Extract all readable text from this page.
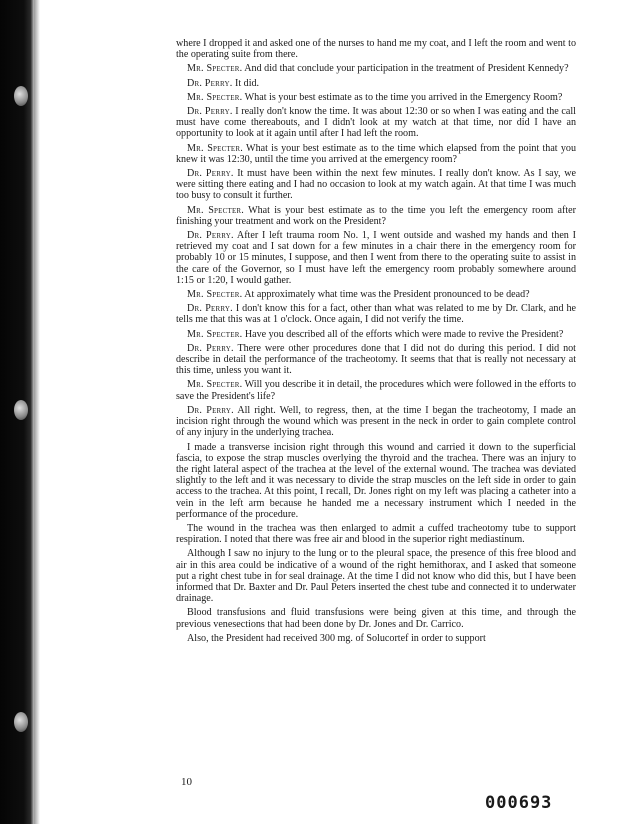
where I dropped it and asked one of the nurses to hand me my coat, and I left the room and went to the operating suite from there.

Mr. Specter. And did that conclude your participation in the treatment of President Kennedy?

Dr. Perry. It did.

Mr. Specter. What is your best estimate as to the time you arrived in the Emergency Room?

Dr. Perry. I really don't know the time. It was about 12:30 or so when I was eating and the call must have come thereabouts, and I didn't look at my watch at that time, nor did I have an opportunity to look at it again until after I had left the room.

Mr. Specter. What is your best estimate as to the time which elapsed from the point that you knew it was 12:30, until the time you arrived at the emergency room?

Dr. Perry. It must have been within the next few minutes. I really don't know. As I say, we were sitting there eating and I had no occasion to look at my watch again. At that time I was much too busy to consult it further.

Mr. Specter. What is your best estimate as to the time you left the emergency room after finishing your treatment and work on the President?

Dr. Perry. After I left trauma room No. 1, I went outside and washed my hands and then I retrieved my coat and I sat down for a few minutes in a chair there in the emergency room for probably 10 or 15 minutes, I suppose, and then I went from there to the operating suite to assist in the care of the Governor, so I must have left the emergency room probably somewhere around 1:15 or 1:20, I would gather.

Mr. Specter. At approximately what time was the President pronounced to be dead?

Dr. Perry. I don't know this for a fact, other than what was related to me by Dr. Clark, and he tells me that this was at 1 o'clock. Once again, I did not verify the time.

Mr. Specter. Have you described all of the efforts which were made to revive the President?

Dr. Perry. There were other procedures done that I did not do during this period. I did not describe in detail the performance of the tracheotomy. It seems that that is really not necessary at this time, unless you want it.

Mr. Specter. Will you describe it in detail, the procedures which were followed in the efforts to save the President's life?

Dr. Perry. All right. Well, to regress, then, at the time I began the tracheotomy, I made an incision right through the wound which was present in the neck in order to gain complete control of any injury in the underlying trachea.

I made a transverse incision right through this wound and carried it down to the superficial fascia, to expose the strap muscles overlying the thyroid and the trachea. There was an injury to the right lateral aspect of the trachea at the level of the external wound. The trachea was deviated slightly to the left and it was necessary to divide the strap muscles on the left side in order to gain access to the trachea. At this point, I recall, Dr. Jones right on my left was placing a catheter into a vein in the left arm because he handed me a necessary instrument which I needed in the performance of the procedure.

The wound in the trachea was then enlarged to admit a cuffed tracheotomy tube to support respiration. I noted that there was free air and blood in the superior right mediastinum.

Although I saw no injury to the lung or to the pleural space, the presence of this free blood and air in this area could be indicative of a wound of the right hemithorax, and I asked that someone put a right chest tube in for seal drainage. At the time I did not know who did this, but I have been informed that Dr. Baxter and Dr. Paul Peters inserted the chest tube and connected it to underwater drainage.

Blood transfusions and fluid transfusions were being given at this time, and through the previous venesections that had been done by Dr. Jones and Dr. Carrico.

Also, the President had received 300 mg. of Solucortef in order to support

10
000693
